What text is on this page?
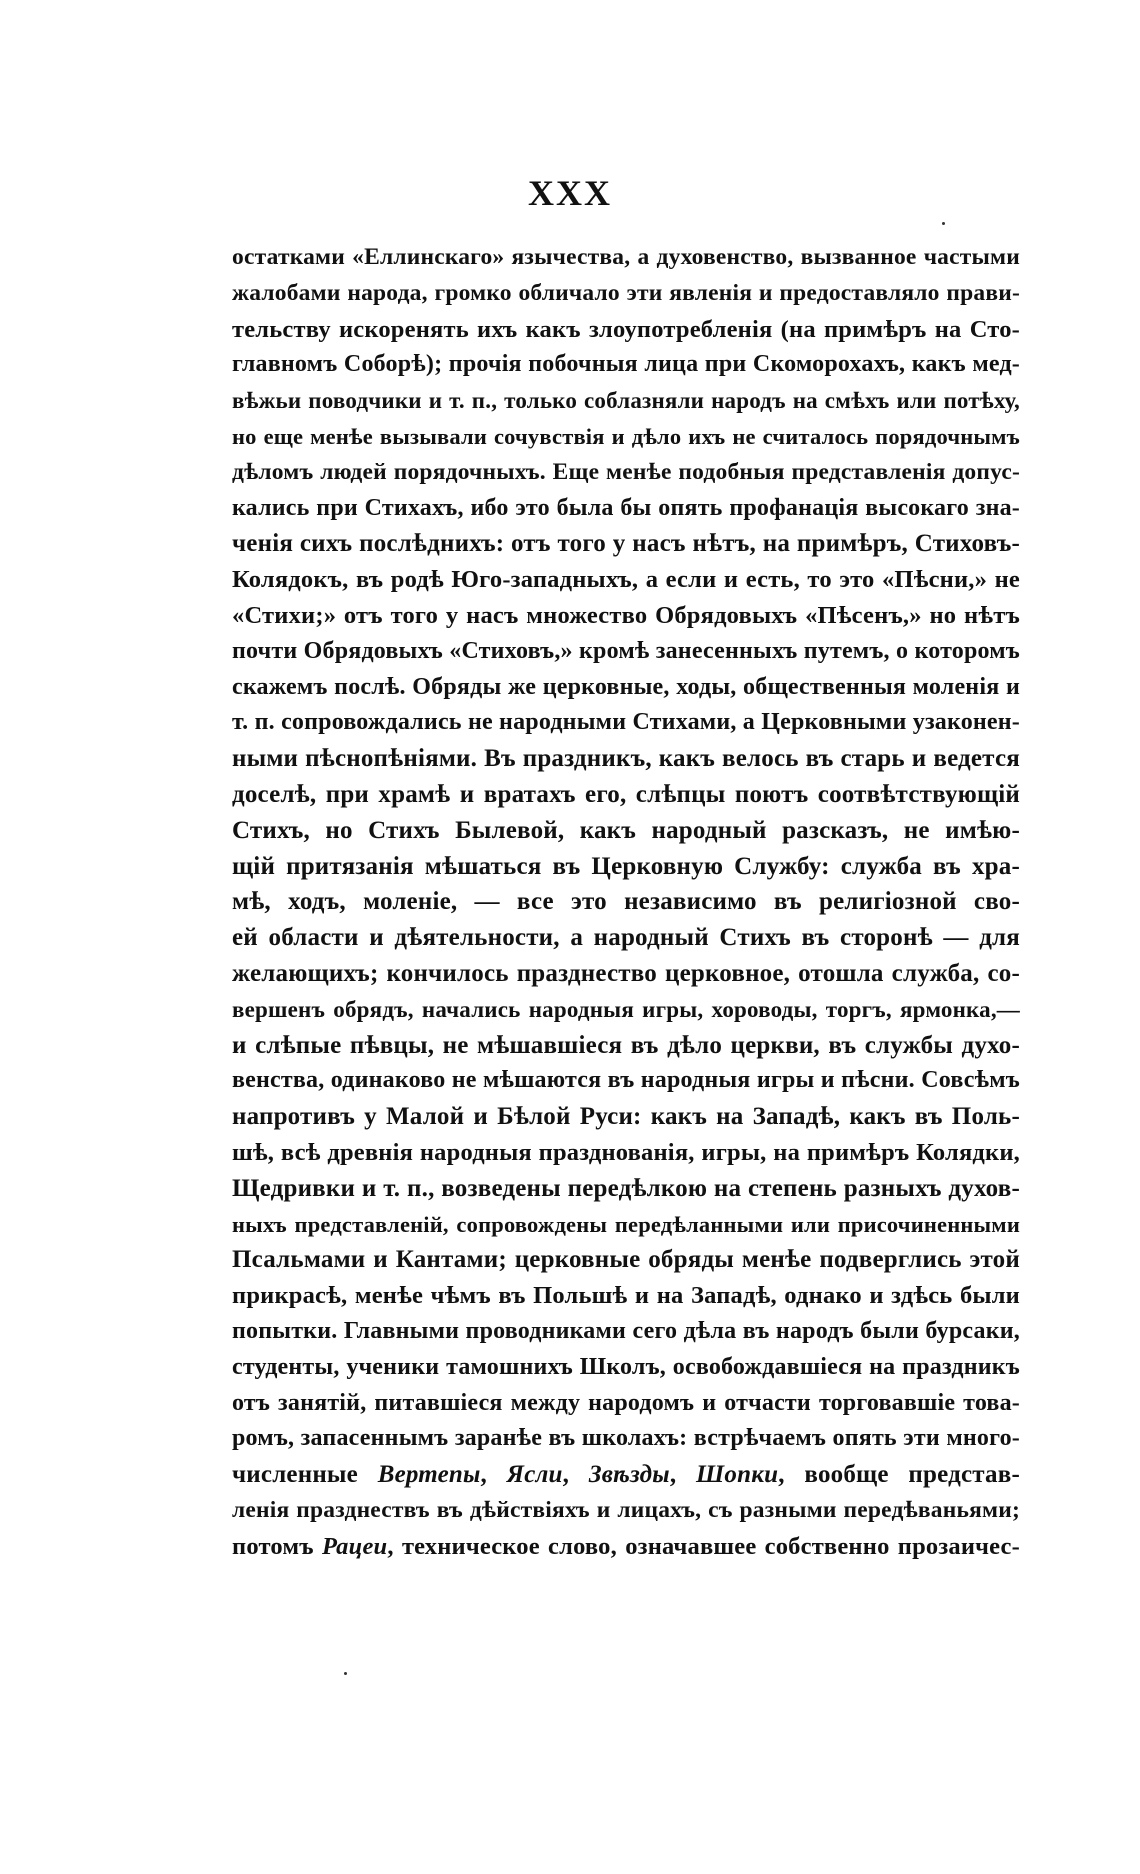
XXX
остатками «Еллинскаго» язычества, а духовенство, вызванное частыми
жалобами народа, громко обличало эти явленія и предоставляло прави-
тельству искоренять ихъ какъ злоупотребленія (на примѣръ на Сто-
главномъ Соборѣ); прочія побочныя лица при Скоморохахъ, какъ мед-
вѣжьи поводчики и т. п., только соблазняли народъ на смѣхъ или потѣху,
но еще менѣе вызывали сочувствія и дѣло ихъ не считалось порядочнымъ
дѣломъ людей порядочныхъ. Еще менѣе подобныя представленія допус-
кались при Стихахъ, ибо это была бы опять профанація высокаго зна-
ченія сихъ послѣднихъ: отъ того у насъ нѣтъ, на примѣръ, Стиховъ-
Колядокъ, въ родѣ Юго-западныхъ, а если и есть, то это «Пѣсни,» не
«Стихи;» отъ того у насъ множество Обрядовыхъ «Пѣсенъ,» но нѣтъ
почти Обрядовыхъ «Стиховъ,» кромѣ занесенныхъ путемъ, о которомъ
скажемъ послѣ. Обряды же церковные, ходы, общественныя моленія и
т. п. сопровождались не народными Стихами, а Церковными узаконен-
ными пѣснопѣніями. Въ праздникъ, какъ велось въ старь и ведется
доселѣ, при храмѣ и вратахъ его, слѣпцы поютъ соотвѣтствующій
Стихъ, но Стихъ Былевой, какъ народный разсказъ, не имѣю-
щій притязанія мѣшаться въ Церковную Службу: служба въ хра-
мѣ, ходъ, моленіе, — все это независимо въ религіозной сво-
ей области и дѣятельности, а народный Стихъ въ сторонѣ — для
желающихъ; кончилось празднество церковное, отошла служба, со-
вершенъ обрядъ, начались народныя игры, хороводы, торгъ, ярмонка,—
и слѣпые пѣвцы, не мѣшавшіеся въ дѣло церкви, въ службы духо-
венства, одинаково не мѣшаются въ народныя игры и пѣсни. Совсѣмъ
напротивъ у Малой и Бѣлой Руси: какъ на Западѣ, какъ въ Поль-
шѣ, всѣ древнія народныя празднованія, игры, на примѣръ Колядки,
Щедривки и т. п., возведены передѣлкою на степень разныхъ духов-
ныхъ представленій, сопровождены передѣланными или присочиненными
Псальмами и Кантами; церковные обряды менѣе подверглись этой
прикрасѣ, менѣе чѣмъ въ Польшѣ и на Западѣ, однако и здѣсь были
попытки. Главными проводниками сего дѣла въ народъ были бурсаки,
студенты, ученики тамошнихъ Школъ, освобождавшіеся на праздникъ
отъ занятій, питавшіеся между народомъ и отчасти торговавшіе това-
ромъ, запасеннымъ заранѣе въ школахъ: встрѣчаемъ опять эти много-
численные Вертепы, Ясли, Звѣзды, Шопки, вообще представ-
ленія празднествъ въ дѣйствіяхъ и лицахъ, съ разными передѣваньями;
потомъ Рацеи, техническое слово, означавшее собственно прозаичес-
